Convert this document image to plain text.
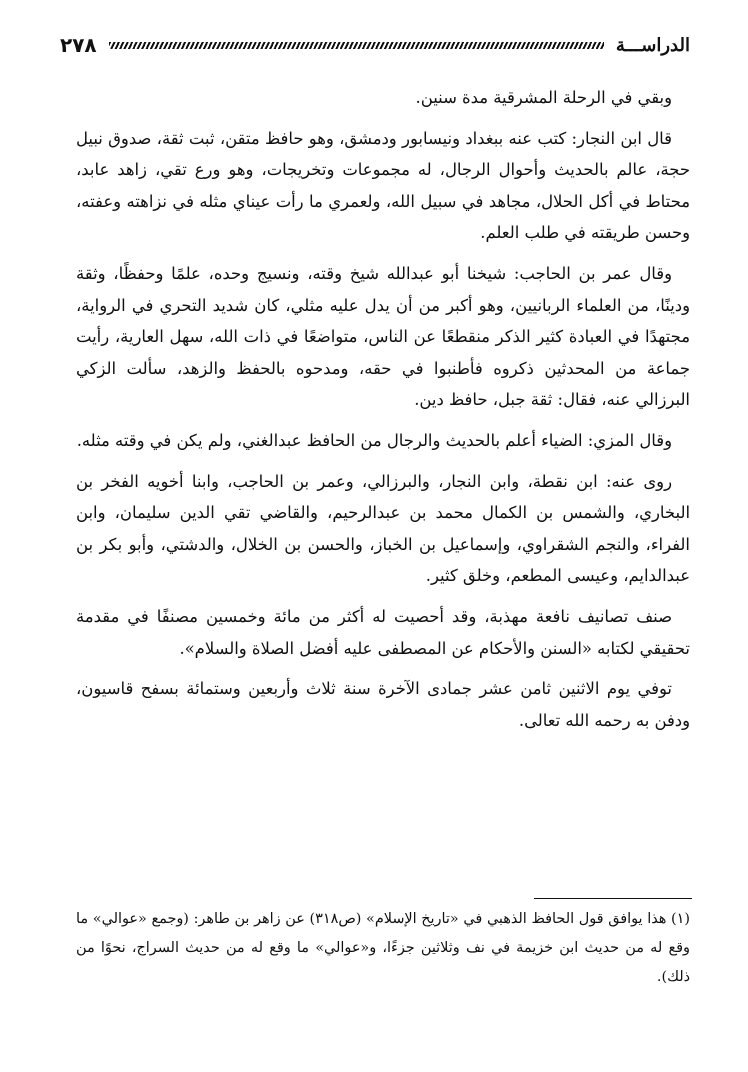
٢٧٨	الدراســـة

وبقي في الرحلة المشرقية مدة سنين.

قال ابن النجار: كتب عنه ببغداد ونيسابور ودمشق، وهو حافظ متقن، ثبت ثقة، صدوق نبيل حجة، عالم بالحديث وأحوال الرجال، له مجموعات وتخريجات، وهو ورع تقي، زاهد عابد، محتاط في أكل الحلال، مجاهد في سبيل الله، ولعمري ما رأت عيناي مثله في نزاهته وعفته، وحسن طريقته في طلب العلم.

وقال عمر بن الحاجب: شيخنا أبو عبدالله شيخ وقته، ونسيج وحده، علمًا وحفظًا، وثقة ودينًا، من العلماء الربانيين، وهو أكبر من أن يدل عليه مثلي، كان شديد التحري في الرواية، مجتهدًا في العبادة كثير الذكر منقطعًا عن الناس، متواضعًا في ذات الله، سهل العارية، رأيت جماعة من المحدثين ذكروه فأطنبوا في حقه، ومدحوه بالحفظ والزهد، سألت الزكي البرزالي عنه، فقال: ثقة جبل، حافظ دين.

وقال المزي: الضياء أعلم بالحديث والرجال من الحافظ عبدالغني، ولم يكن في وقته مثله.

روى عنه: ابن نقطة، وابن النجار، والبرزالي، وعمر بن الحاجب، وابنا أخويه الفخر بن البخاري، والشمس بن الكمال محمد بن عبدالرحيم، والقاضي تقي الدين سليمان، وابن الفراء، والنجم الشقراوي، وإسماعيل بن الخباز، والحسن بن الخلال، والدشتي، وأبو بكر بن عبدالدايم، وعيسى المطعم، وخلق كثير.

صنف تصانيف نافعة مهذبة، وقد أحصيت له أكثر من مائة وخمسين مصنفًا في مقدمة تحقيقي لكتابه «السنن والأحكام عن المصطفى عليه أفضل الصلاة والسلام».

توفي يوم الاثنين ثامن عشر جمادى الآخرة سنة ثلاث وأربعين وستمائة بسفح قاسيون، ودفن به رحمه الله تعالى.

(١) هذا يوافق قول الحافظ الذهبي في «تاريخ الإسلام» (ص٣١٨) عن زاهر بن طاهر: (وجمع «عوالي» ما وقع له من حديث ابن خزيمة في نف وثلاثين جزءًا، و«عوالي» ما وقع له من حديث السراج، نحوًا من ذلك).
